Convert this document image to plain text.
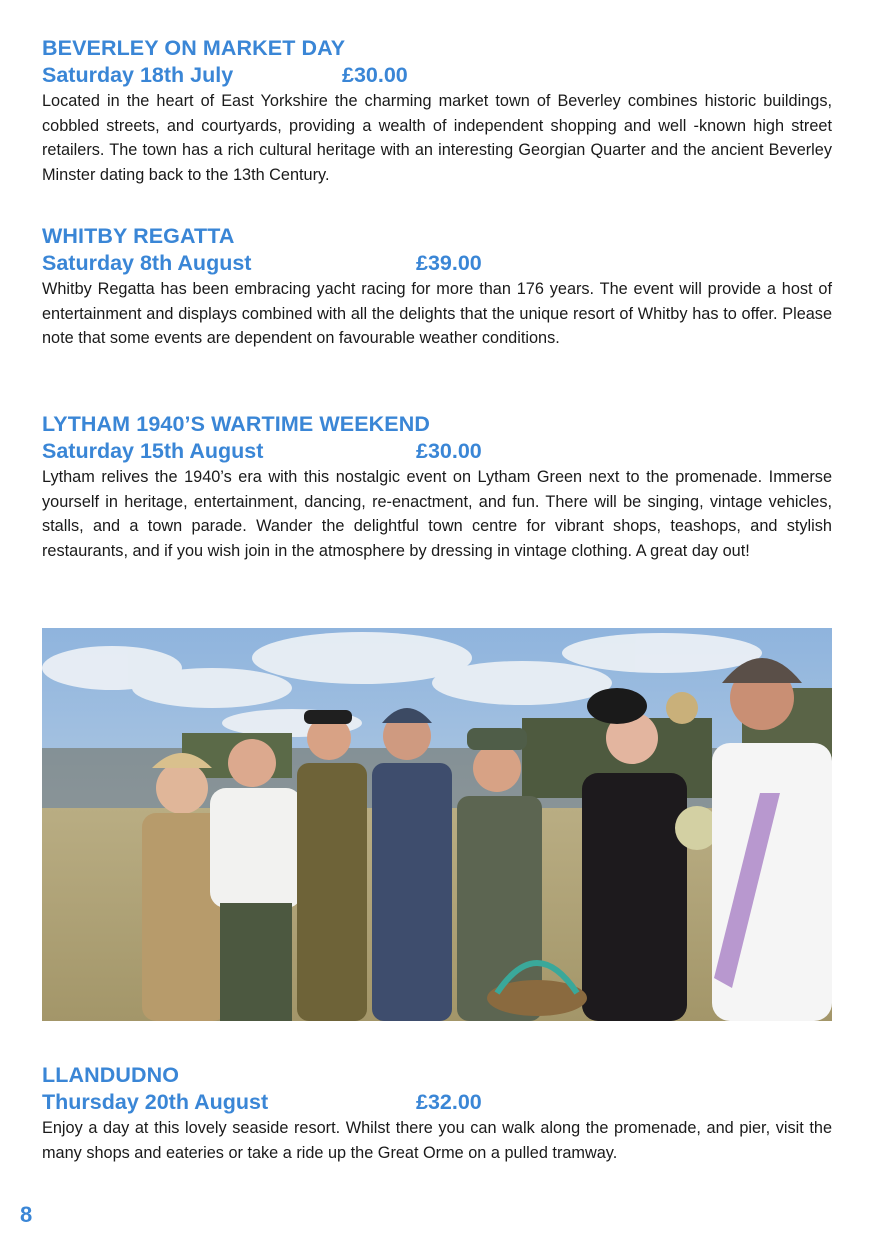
BEVERLEY ON MARKET DAY
Saturday 18th July	£30.00
Located in the heart of East Yorkshire the charming market town of Beverley combines historic buildings, cobbled streets, and courtyards, providing a wealth of independent shopping and well -known high street retailers. The town has a rich cultural heritage with an interesting Georgian Quarter and the ancient Beverley Minster dating back to the 13th Century.
WHITBY REGATTA
Saturday 8th August	£39.00
Whitby Regatta has been embracing yacht racing for more than 176 years. The event will provide a host of entertainment and displays combined with all the delights that the unique resort of Whitby has to offer. Please note that some events are dependent on favourable weather conditions.
LYTHAM 1940’S WARTIME WEEKEND
Saturday 15th August	£30.00
Lytham relives the 1940’s era with this nostalgic event on Lytham Green next to the promenade. Immerse yourself in heritage, entertainment, dancing, re-enactment, and fun. There will be singing, vintage vehicles, stalls, and a town parade. Wander the delightful town centre for vibrant shops, teashops, and stylish restaurants, and if you wish join in the atmosphere by dressing in vintage clothing. A great day out!
LLANDUDNO
Thursday 20th August	£32.00
Enjoy a day at this lovely seaside resort. Whilst there you can walk along the promenade, and pier, visit the many shops and eateries or take a ride up the Great Orme on a pulled tramway.
8
